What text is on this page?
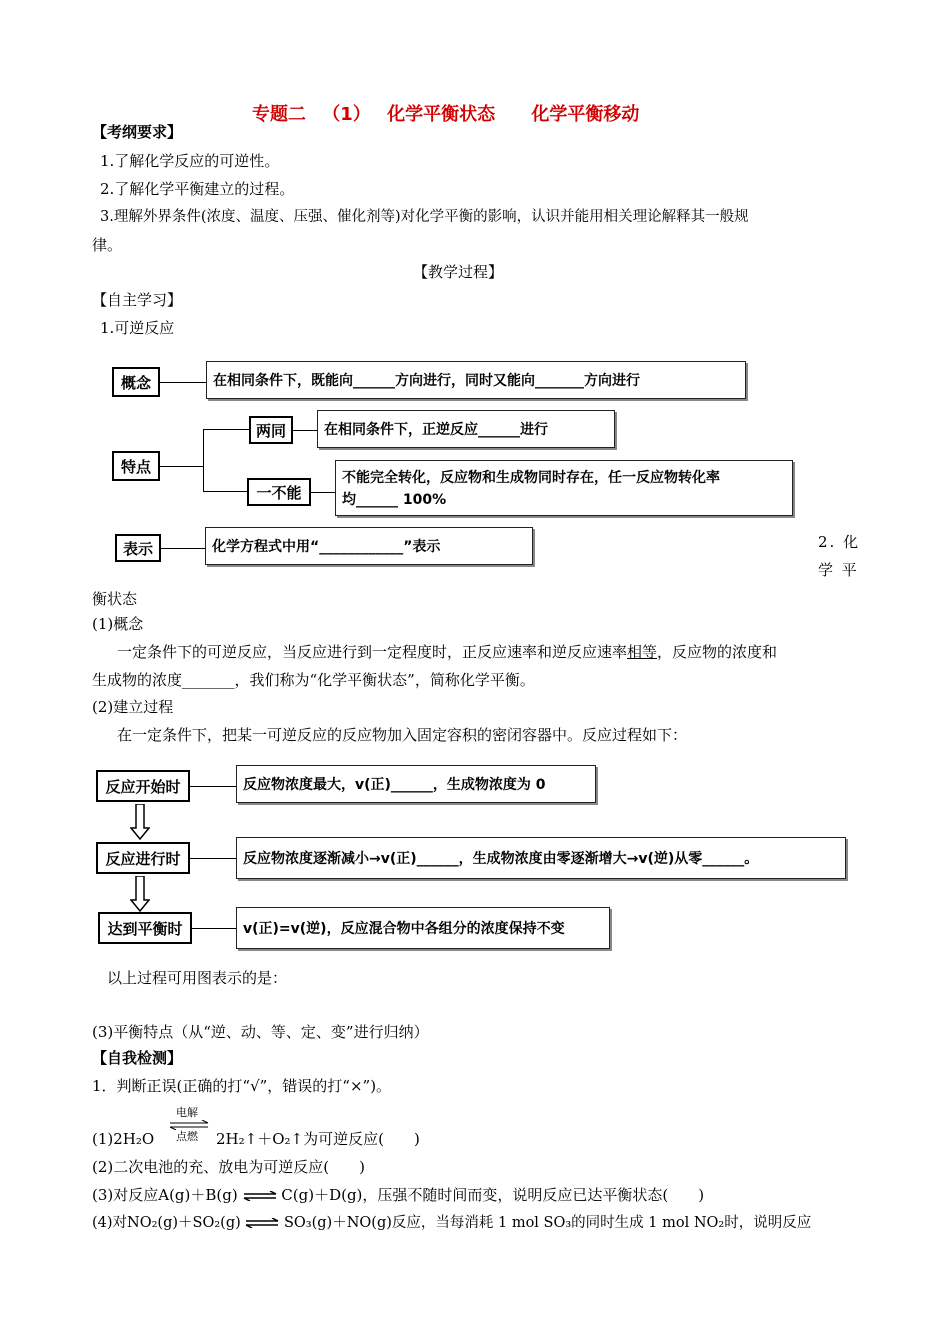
专题二 （1） 化学平衡状态 化学平衡移动
【考纲要求】
1.了解化学反应的可逆性。
2.了解化学平衡建立的过程。
3.理解外界条件(浓度、温度、压强、催化剂等)对化学平衡的影响，认识并能用相关理论解释其一般规
律。
【教学过程】
【自主学习】
1.可逆反应
概念	在相同条件下，既能向______方向进行，同时又能向_______方向进行
特点
两同	在相同条件下，正逆反应______进行
一不能
不能完全转化，反应物和生成物同时存在，任一反应物转化率
均______ 100%
表示	化学方程式中用“____________”表示	2. 化
学 平
衡状态
(1)概念
一定条件下的可逆反应，当反应进行到一定程度时，正反应速率和逆反应速率相等，反应物的浓度和
生成物的浓度_______，我们称为“化学平衡状态”，简称化学平衡。
(2)建立过程
在一定条件下，把某一可逆反应的反应物加入固定容积的密闭容器中。反应过程如下：
反应开始时	反应物浓度最大，v(正)______，生成物浓度为 0
反应进行时	反应物浓度逐渐减小→v(正)______，生成物浓度由零逐渐增大→v(逆)从零______。
达到平衡时	v(正)=v(逆)，反应混合物中各组分的浓度保持不变
以上过程可用图表示的是：
(3)平衡特点（从“逆、动、等、定、变”进行归纳）
【自我检测】
1．判断正误(正确的打“√”，错误的打“×”)。
电解
点燃
(1)2H₂O	2H₂↑＋O₂↑为可逆反应(　　)
(2)二次电池的充、放电为可逆反应(　　)
(3)对反应A(g)＋B(g) ⇌ C(g)＋D(g)，压强不随时间而变，说明反应已达平衡状态(　　)
(4)对NO₂(g)＋SO₂(g) ⇌ SO₃(g)＋NO(g)反应，当每消耗 1 mol SO₃的同时生成 1 mol NO₂时，说明反应
